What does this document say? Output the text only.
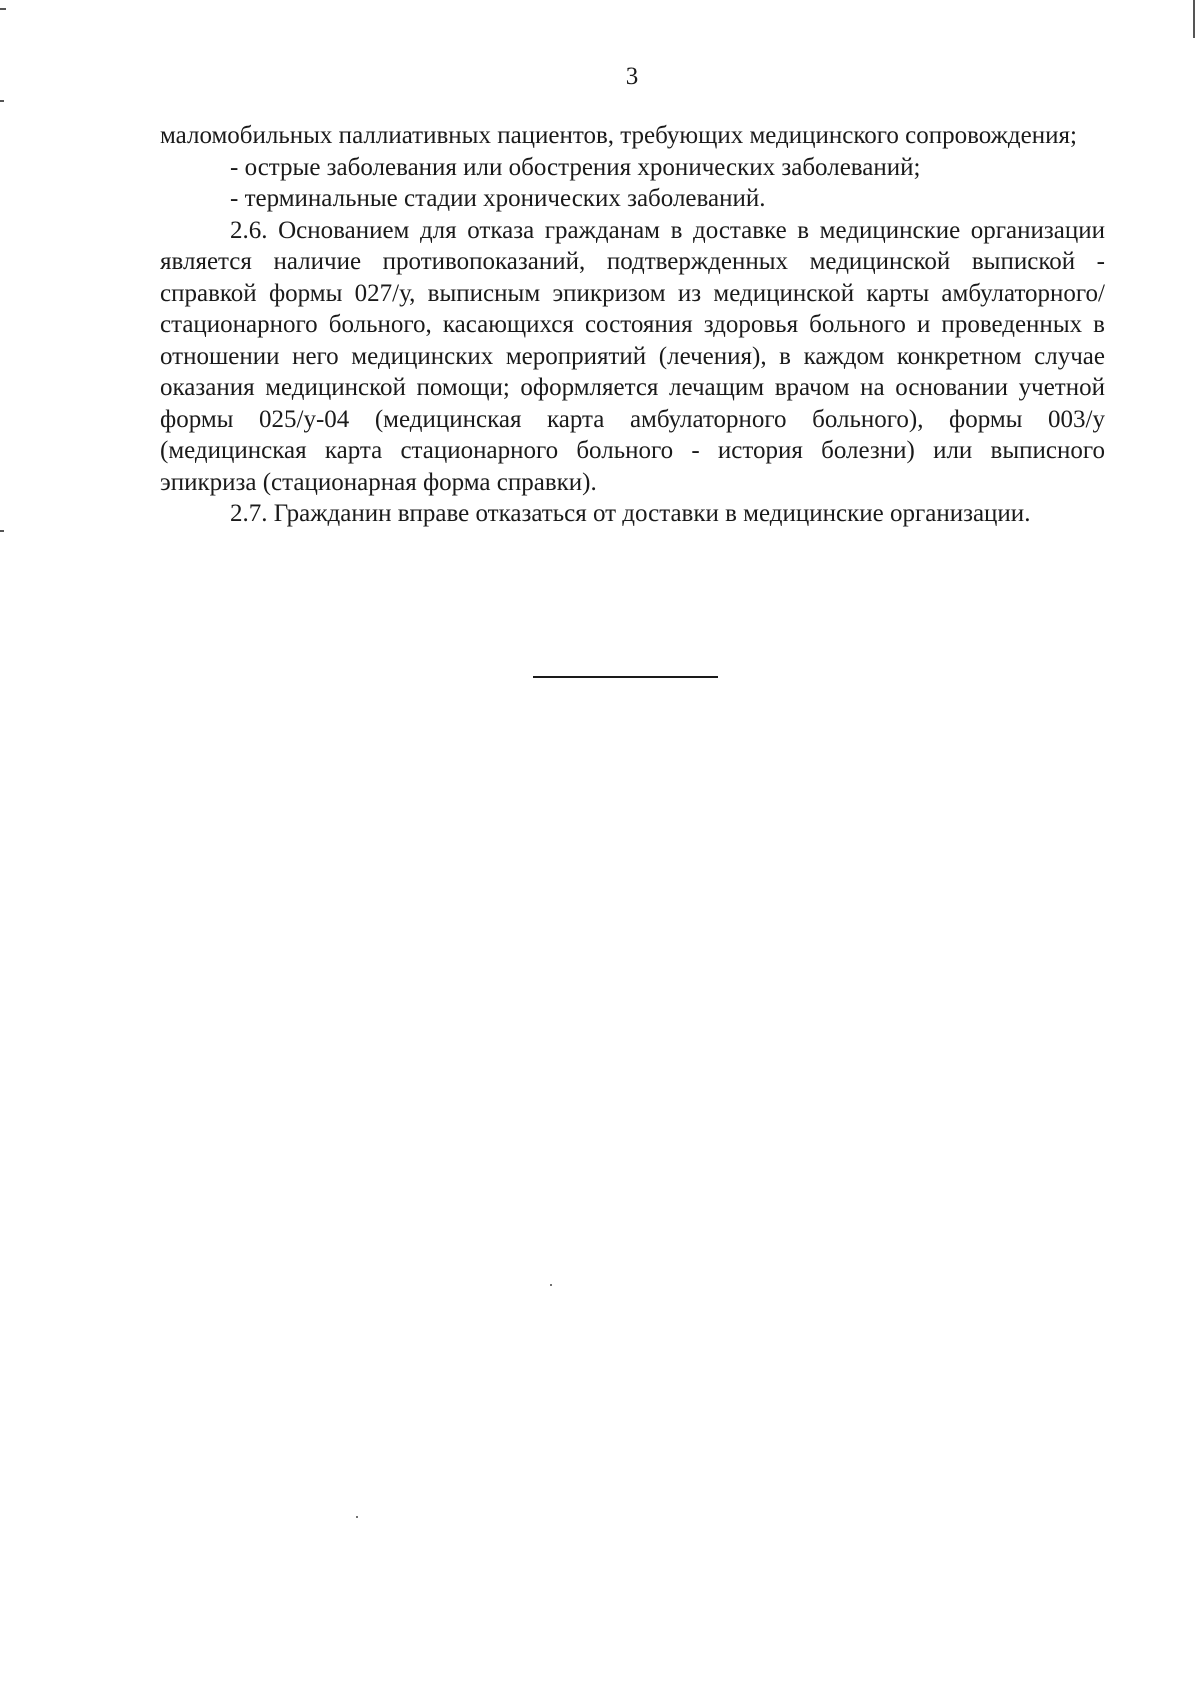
3

маломобильных паллиативных пациентов, требующих медицинского сопровождения;

- острые заболевания или обострения хронических заболеваний;

- терминальные стадии хронических заболеваний.

2.6. Основанием для отказа гражданам в доставке в медицинские организации является наличие противопоказаний, подтвержденных медицинской выпиской - справкой формы 027/у, выписным эпикризом из медицинской карты амбулаторного/стационарного больного, касающихся состояния здоровья больного и проведенных в отношении него медицинских мероприятий (лечения), в каждом конкретном случае оказания медицинской помощи; оформляется лечащим врачом на основании учетной формы 025/у-04 (медицинская карта амбулаторного больного), формы 003/у (медицинская карта стационарного больного - история болезни) или выписного эпикриза (стационарная форма справки).

2.7. Гражданин вправе отказаться от доставки в медицинские организации.
